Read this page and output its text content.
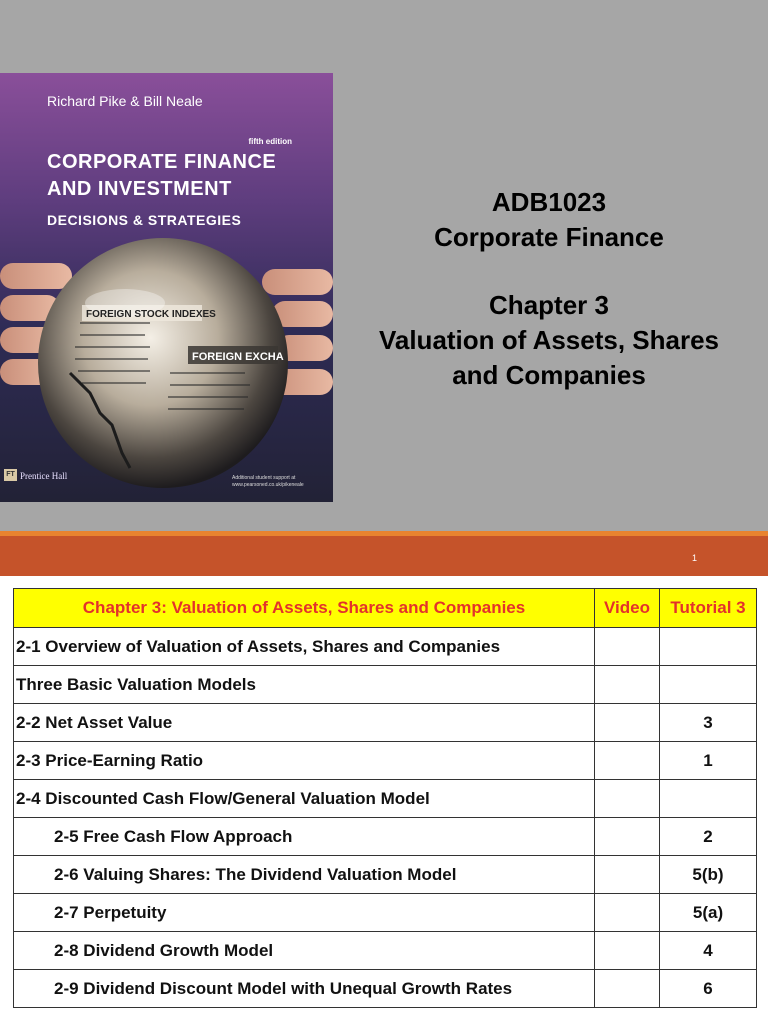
FOREIGN STOCK INDEXES
FOREIGN EXCHA
Richard Pike & Bill Neale
fifth edition
CORPORATE FINANCE
AND INVESTMENT
DECISIONS & STRATEGIES
FT Prentice Hall	Additional student support at
www.pearsoned.co.uk/pikeneale
ADB1023
Corporate Finance
Chapter 3
Valuation of Assets, Shares
and Companies
1
Chapter 3: Valuation of Assets, Shares and Companies	Video	Tutorial 3
2-1 Overview of Valuation of Assets, Shares and Companies		
Three Basic Valuation Models		
2-2 Net Asset Value		3
2-3 Price-Earning Ratio		1
2-4 Discounted Cash Flow/General Valuation Model		
2-5 Free Cash Flow Approach		2
2-6 Valuing Shares: The Dividend Valuation Model		5(b)
2-7 Perpetuity		5(a)
2-8 Dividend Growth Model		4
2-9 Dividend Discount Model with Unequal Growth Rates		6
